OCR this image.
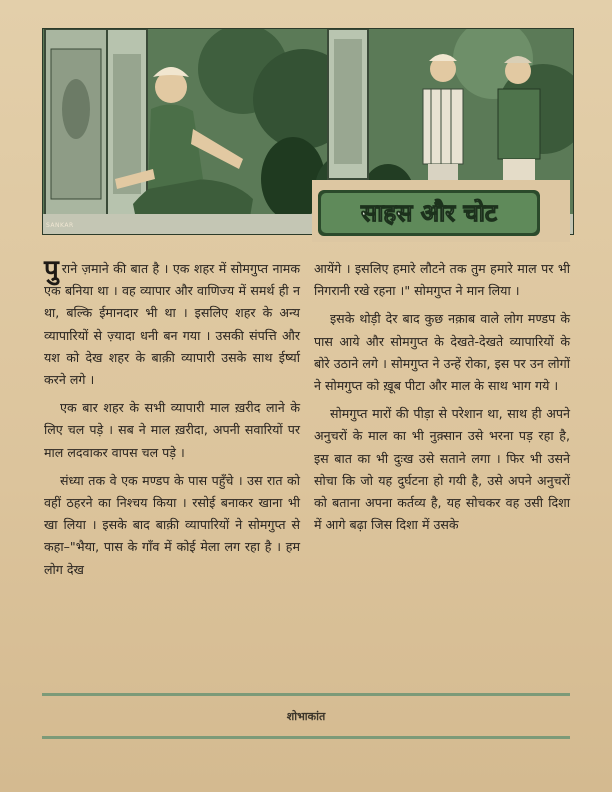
SANKAR	साहस और चोट

पुराने ज़माने की बात है । एक शहर में सोमगुप्त नामक एक बनिया था । वह व्यापार और वाणिज्य में समर्थ ही न था, बल्कि ईमानदार भी था । इसलिए शहर के अन्य व्यापारियों से ज़्यादा धनी बन गया । उसकी संपत्ति और यश को देख शहर के बाक़ी व्यापारी उसके साथ ईर्ष्या करने लगे ।

एक बार शहर के सभी व्यापारी माल ख़रीद लाने के लिए चल पड़े । सब ने माल ख़रीदा, अपनी सवारियों पर माल लदवाकर वापस चल पड़े ।

संध्या तक वे एक मण्डप के पास पहुँचे । उस रात को वहीं ठहरने का निश्चय किया । रसोई बनाकर खाना भी खा लिया । इसके बाद बाक़ी व्यापारियों ने सोमगुप्त से कहा–"भैया, पास के गाँव में कोई मेला लग रहा है । हम लोग देख

आयेंगे । इसलिए हमारे लौटने तक तुम हमारे माल पर भी निगरानी रखे रहना ।" सोमगुप्त ने मान लिया ।

इसके थोड़ी देर बाद कुछ नक़ाब वाले लोग मण्डप के पास आये और सोमगुप्त के देखते-देखते व्यापारियों के बोरे उठाने लगे । सोमगुप्त ने उन्हें रोका, इस पर उन लोगों ने सोमगुप्त को ख़ूब पीटा और माल के साथ भाग गये ।

सोमगुप्त मारों की पीड़ा से परेशान था, साथ ही अपने अनुचरों के माल का भी नुक़्सान उसे भरना पड़ रहा है, इस बात का भी दुःख उसे सताने लगा । फिर भी उसने सोचा कि जो यह दुर्घटना हो गयी है, उसे अपने अनुचरों को बताना अपना कर्तव्य है, यह सोचकर वह उसी दिशा में आगे बढ़ा जिस दिशा में उसके

शोभाकांत
